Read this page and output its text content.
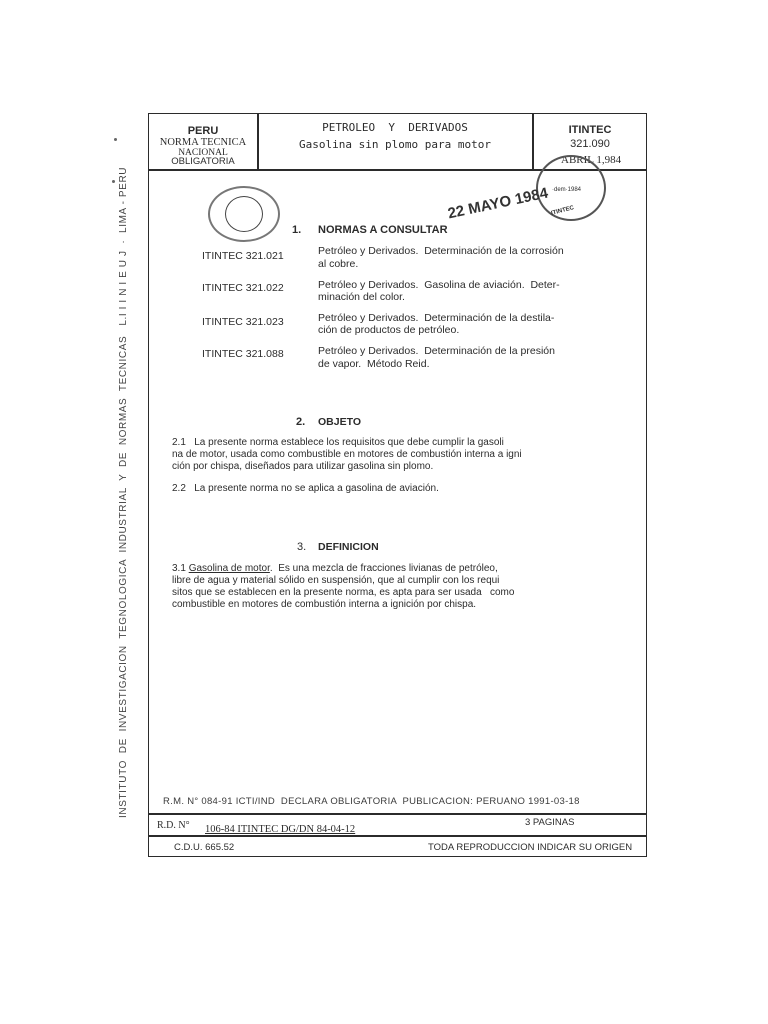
INSTITUTO  DE  INVESTIGACION  TEGNOLOGICA  INDUSTRIAL  Y  DE  NORMAS  TECNICAS   L.I I I N I E U J  ·  LIMA - PERU
PERU
NORMA TECNICA
NACIONAL
OBLIGATORIA
PETROLEO  Y  DERIVADOS
Gasolina sin plomo para motor
ITINTEC
321.090
ABRIL 1,984
·dem·1984
ITINTEC
22 MAYO 1984
1. NORMAS A CONSULTAR
ITINTEC 321.021	Petróleo y Derivados.  Determinación de la corrosión
al cobre.
ITINTEC 321.022	Petróleo y Derivados.  Gasolina de aviación.  Deter-
minación del color.
ITINTEC 321.023	Petróleo y Derivados.  Determinación de la destila-
ción de productos de petróleo.
ITINTEC 321.088	Petróleo y Derivados.  Determinación de la presión
de vapor.  Método Reid.
2. OBJETO
2.1   La presente norma establece los requisitos que debe cumplir la gasoli
na de motor, usada como combustible en motores de combustión interna a igni
ción por chispa, diseñados para utilizar gasolina sin plomo.
2.2   La presente norma no se aplica a gasolina de aviación.
3. DEFINICION
3.1 Gasolina de motor.  Es una mezcla de fracciones livianas de petróleo,
libre de agua y material sólido en suspensión, que al cumplir con los requi
sitos que se establecen en la presente norma, es apta para ser usada   como
combustible en motores de combustión interna a ignición por chispa.
R.M. N° 084-91 ICTI/IND  DECLARA OBLIGATORIA  PUBLICACION: PERUANO 1991-03-18
R.D. N° 106-84 ITINTEC DG/DN 84-04-12
3 PAGINAS
C.D.U. 665.52	TODA REPRODUCCION INDICAR SU ORIGEN
